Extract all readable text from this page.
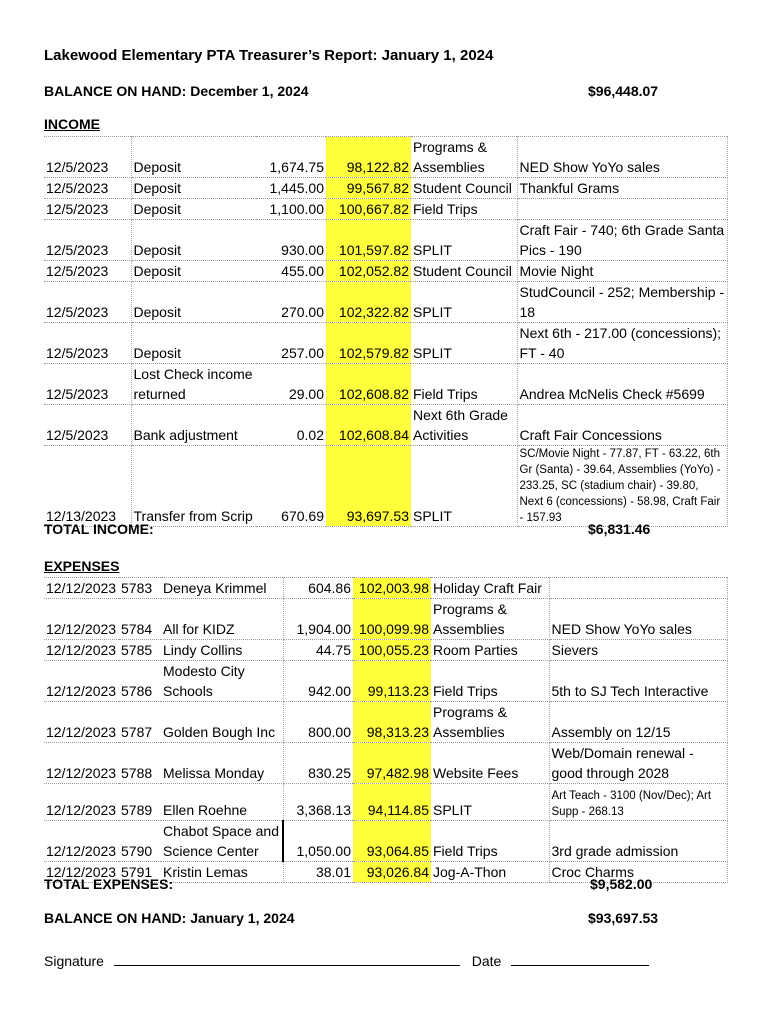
Lakewood Elementary PTA Treasurer’s Report: January 1, 2024
BALANCE ON HAND: December 1, 2024	$96,448.07
INCOME
12/5/2023	Deposit	1,674.75	98,122.82	Programs & Assemblies	NED Show YoYo sales
12/5/2023	Deposit	1,445.00	99,567.82	Student Council	Thankful Grams
12/5/2023	Deposit	1,100.00	100,667.82	Field Trips	
12/5/2023	Deposit	930.00	101,597.82	SPLIT	Craft Fair - 740; 6th Grade Santa Pics - 190
12/5/2023	Deposit	455.00	102,052.82	Student Council	Movie Night
12/5/2023	Deposit	270.00	102,322.82	SPLIT	StudCouncil - 252; Membership - 18
12/5/2023	Deposit	257.00	102,579.82	SPLIT	Next 6th - 217.00 (concessions); FT - 40
12/5/2023	Lost Check income returned	29.00	102,608.82	Field Trips	Andrea McNelis Check #5699
12/5/2023	Bank adjustment	0.02	102,608.84	Next 6th Grade Activities	Craft Fair Concessions
12/13/2023	Transfer from Scrip	670.69	93,697.53	SPLIT	SC/Movie Night - 77.87, FT - 63.22, 6th Gr (Santa) - 39.64, Assemblies (YoYo) - 233.25, SC (stadium chair) - 39.80, Next 6 (concessions) - 58.98, Craft Fair - 157.93
TOTAL INCOME:	$6,831.46
EXPENSES
12/12/2023	5783	Deneya Krimmel	604.86	102,003.98	Holiday Craft Fair	
12/12/2023	5784	All for KIDZ	1,904.00	100,099.98	Programs & Assemblies	NED Show YoYo sales
12/12/2023	5785	Lindy Collins	44.75	100,055.23	Room Parties	Sievers
12/12/2023	5786	Modesto City Schools	942.00	99,113.23	Field Trips	5th to SJ Tech Interactive
12/12/2023	5787	Golden Bough Inc	800.00	98,313.23	Programs & Assemblies	Assembly on 12/15
12/12/2023	5788	Melissa Monday	830.25	97,482.98	Website Fees	Web/Domain renewal - good through 2028
12/12/2023	5789	Ellen Roehne	3,368.13	94,114.85	SPLIT	Art Teach - 3100 (Nov/Dec); Art Supp - 268.13
12/12/2023	5790	Chabot Space and Science Center	1,050.00	93,064.85	Field Trips	3rd grade admission
12/12/2023	5791	Kristin Lemas	38.01	93,026.84	Jog-A-Thon	Croc Charms
TOTAL EXPENSES:	$9,582.00
BALANCE ON HAND: January 1, 2024	$93,697.53
Signature	Date
